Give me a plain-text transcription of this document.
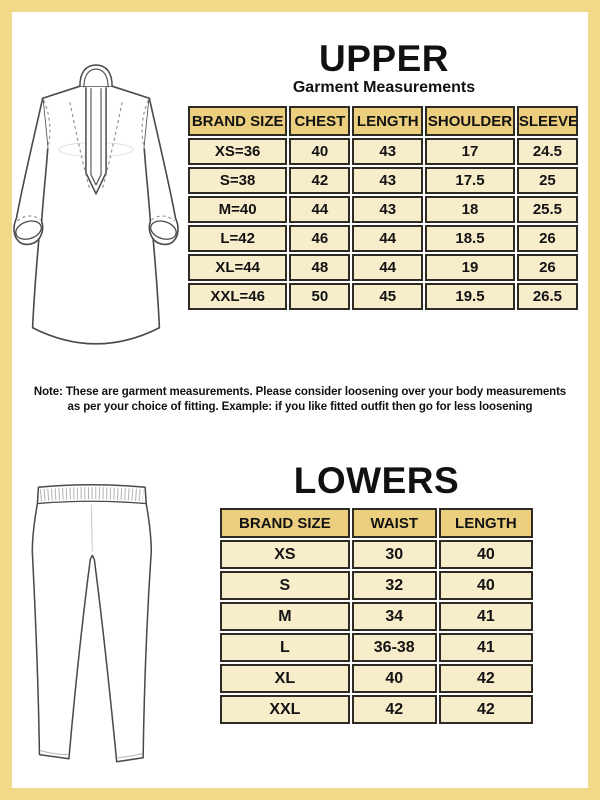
UPPER
Garment Measurements
BRAND SIZE	CHEST	LENGTH	SHOULDER	SLEEVE
XS=36	40	43	17	24.5
S=38	42	43	17.5	25
M=40	44	43	18	25.5
L=42	46	44	18.5	26
XL=44	48	44	19	26
XXL=46	50	45	19.5	26.5
Note: These are garment measurements. Please consider loosening over your body measurements
as per your choice of fitting. Example: if you like fitted outfit then go for less loosening
LOWERS
BRAND SIZE	WAIST	LENGTH
XS	30	40
S	32	40
M	34	41
L	36-38	41
XL	40	42
XXL	42	42
